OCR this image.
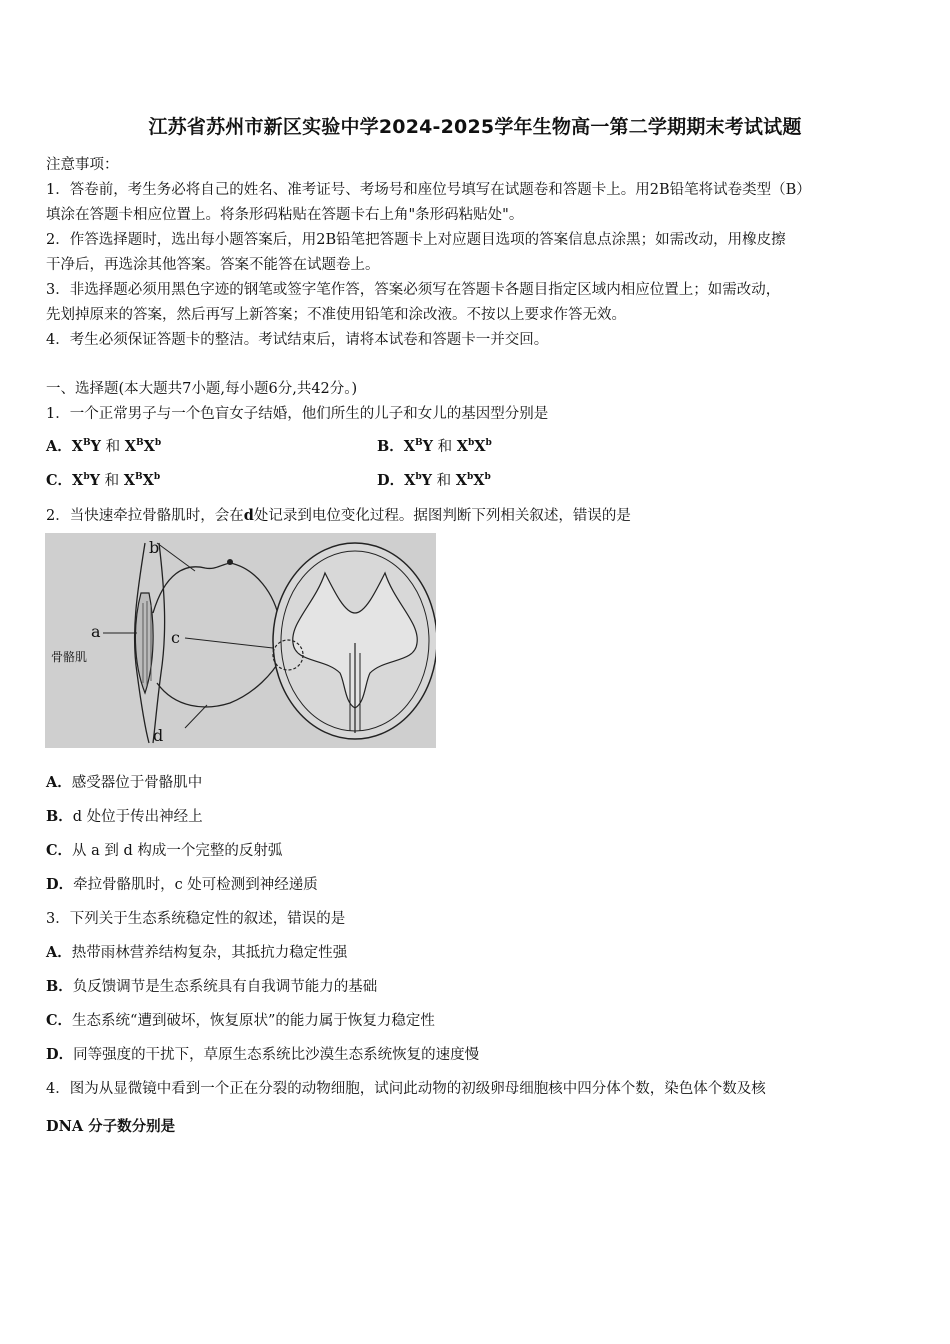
江苏省苏州市新区实验中学2024-2025学年生物高一第二学期期末考试试题
注意事项：
1．答卷前，考生务必将自己的姓名、准考证号、考场号和座位号填写在试题卷和答题卡上。用2B铅笔将试卷类型（B）
填涂在答题卡相应位置上。将条形码粘贴在答题卡右上角"条形码粘贴处"。
2．作答选择题时，选出每小题答案后，用2B铅笔把答题卡上对应题目选项的答案信息点涂黑；如需改动，用橡皮擦
干净后，再选涂其他答案。答案不能答在试题卷上。
3．非选择题必须用黑色字迹的钢笔或签字笔作答，答案必须写在答题卡各题目指定区域内相应位置上；如需改动，
先划掉原来的答案，然后再写上新答案；不准使用铅笔和涂改液。不按以上要求作答无效。
4．考生必须保证答题卡的整洁。考试结束后，请将本试卷和答题卡一并交回。
一、选择题(本大题共7小题,每小题6分,共42分。)
1．一个正常男子与一个色盲女子结婚，他们所生的儿子和女儿的基因型分别是
A．$X^BY$ 和 $X^BX^b$	B．$X^BY$ 和 $X^bX^b$
C．$X^bY$ 和 $X^BX^b$	D．$X^bY$ 和 $X^bX^b$
2．当快速牵拉骨骼肌时，会在d处记录到电位变化过程。据图判断下列相关叙述，错误的是
b
a	c
d
骨骼肌
A．感受器位于骨骼肌中
B．d 处位于传出神经上
C．从 a 到 d 构成一个完整的反射弧
D．牵拉骨骼肌时，c 处可检测到神经递质
3．下列关于生态系统稳定性的叙述，错误的是
A．热带雨林营养结构复杂，其抵抗力稳定性强
B．负反馈调节是生态系统具有自我调节能力的基础
C．生态系统“遭到破坏，恢复原状”的能力属于恢复力稳定性
D．同等强度的干扰下，草原生态系统比沙漠生态系统恢复的速度慢
4．图为从显微镜中看到一个正在分裂的动物细胞，试问此动物的初级卵母细胞核中四分体个数，染色体个数及核
DNA 分子数分别是
